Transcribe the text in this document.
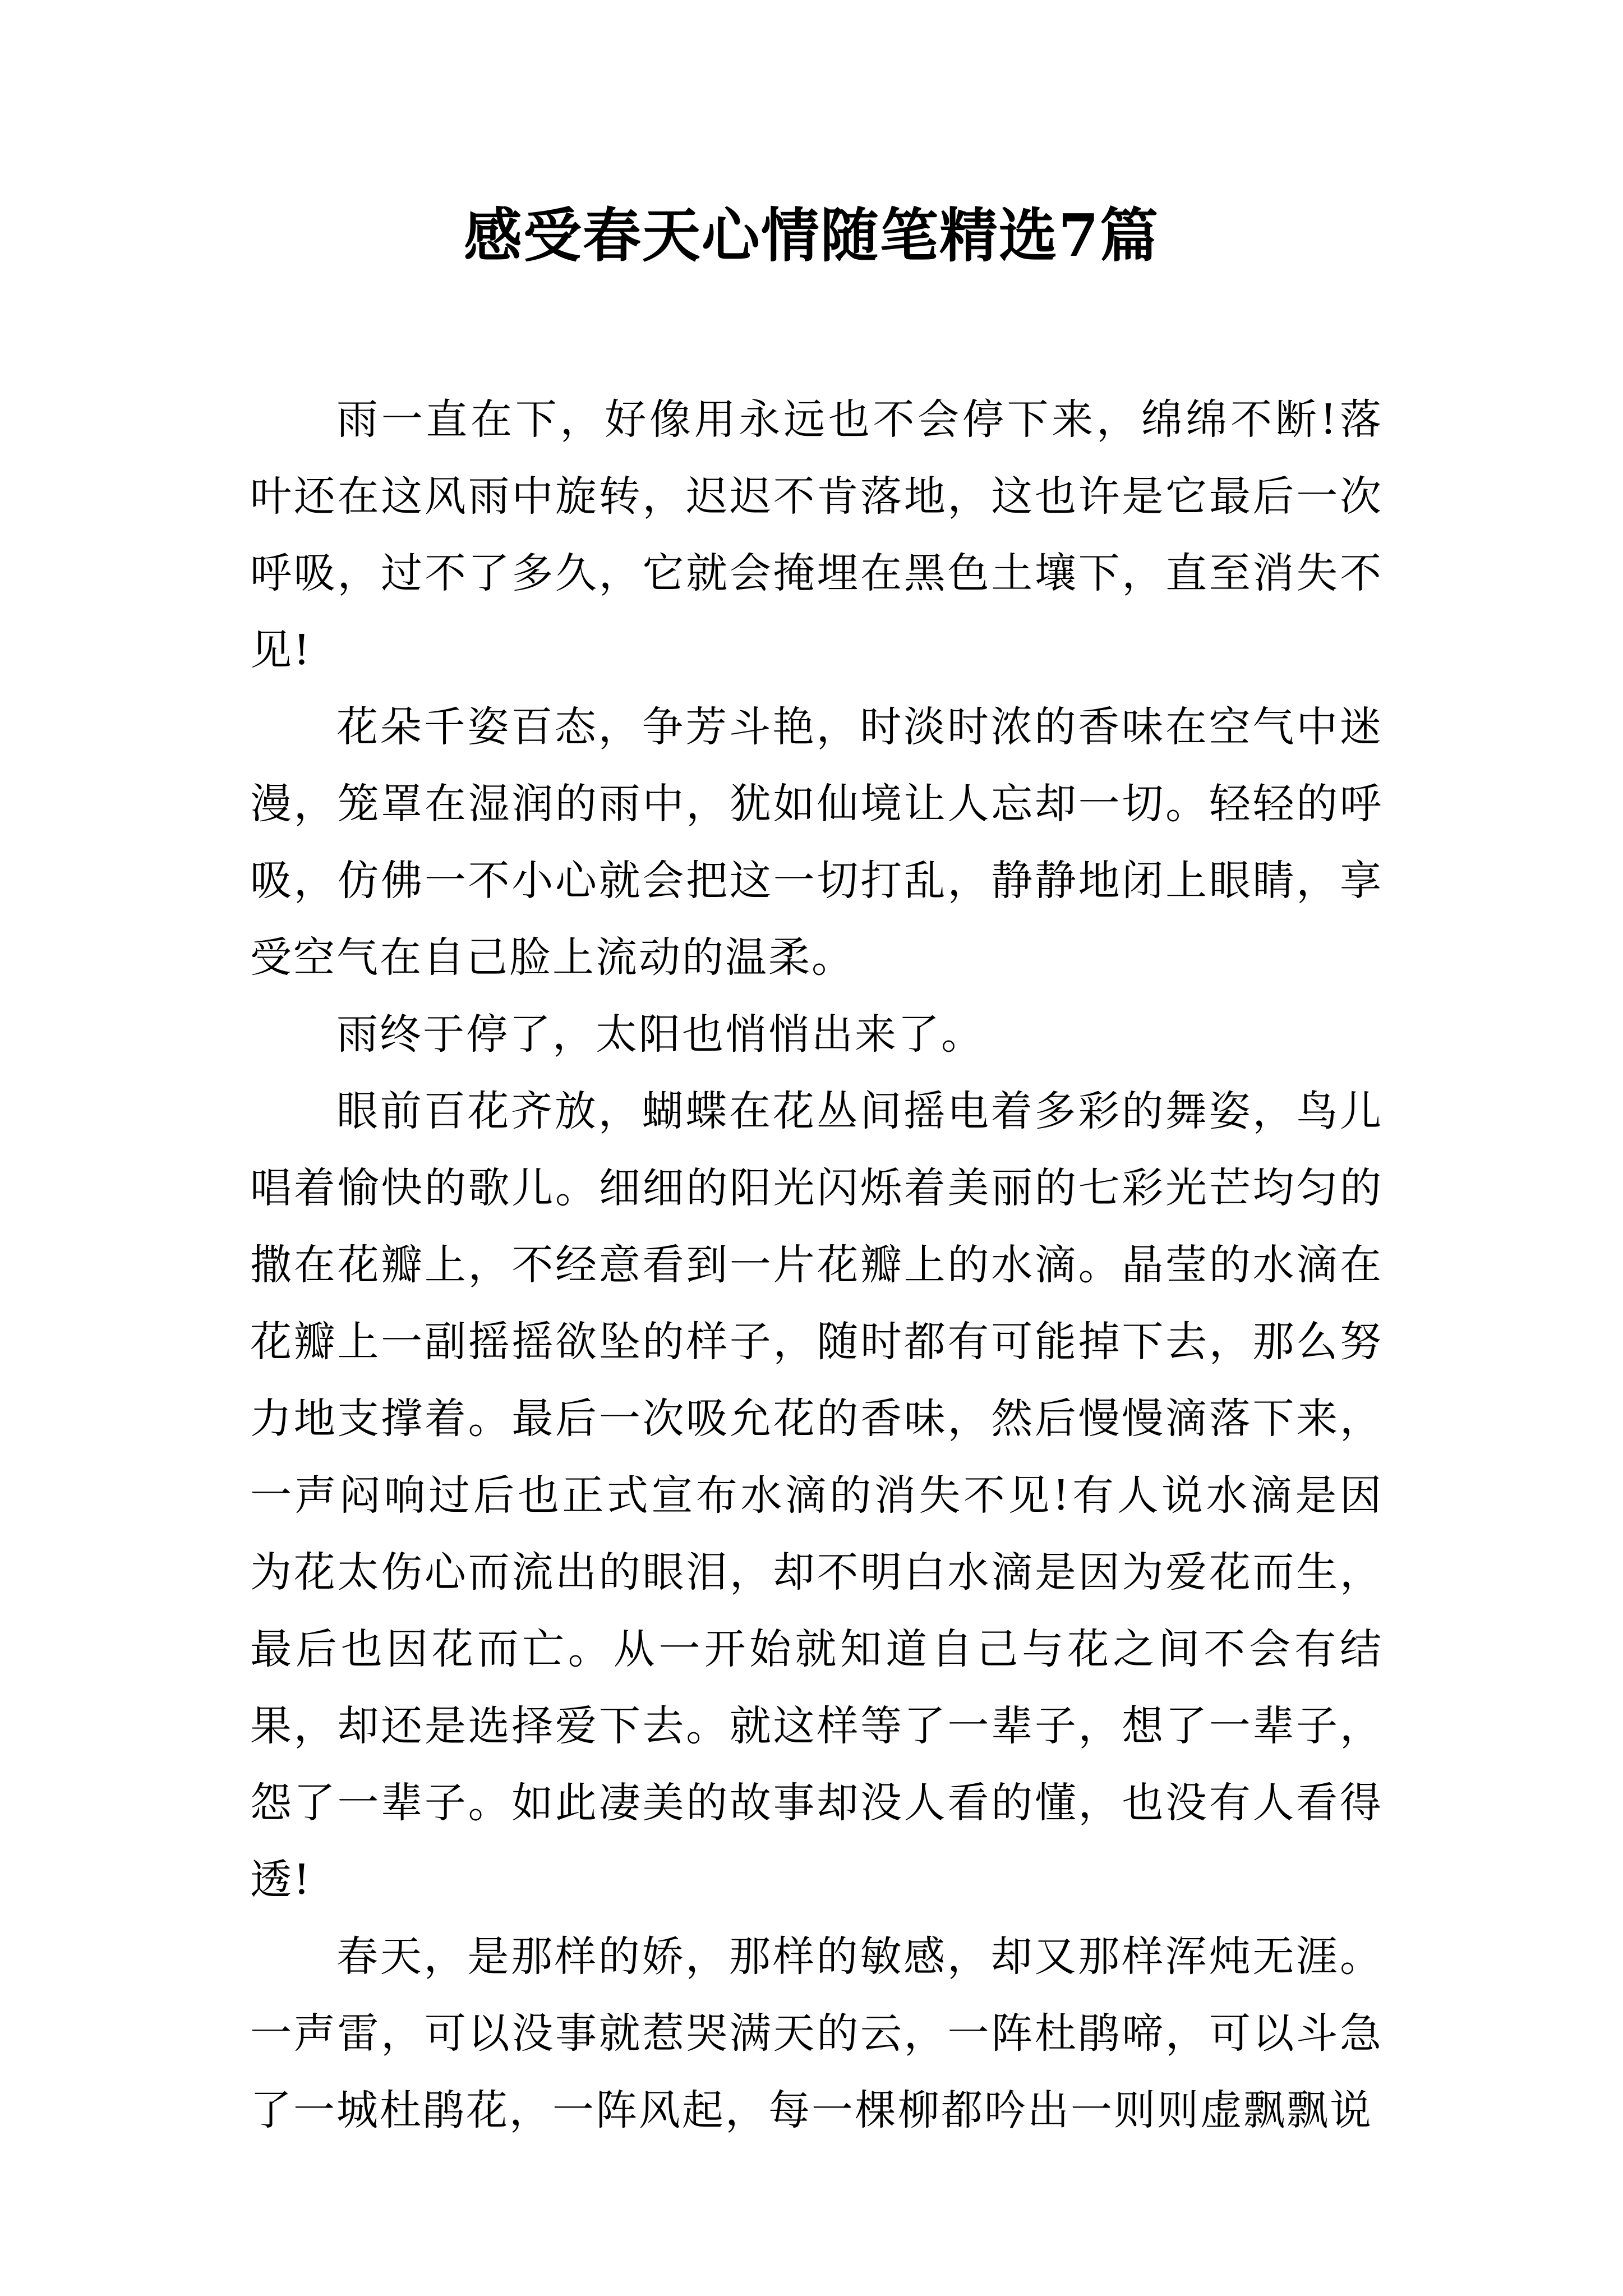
感受春天心情随笔精选7篇

雨一直在下，好像用永远也不会停下来，绵绵不断!落叶还在这风雨中旋转，迟迟不肯落地，这也许是它最后一次呼吸，过不了多久，它就会掩埋在黑色土壤下，直至消失不见!

花朵千姿百态，争芳斗艳，时淡时浓的香味在空气中迷漫，笼罩在湿润的雨中，犹如仙境让人忘却一切。轻轻的呼吸，仿佛一不小心就会把这一切打乱，静静地闭上眼睛，享受空气在自己脸上流动的温柔。

雨终于停了，太阳也悄悄出来了。

眼前百花齐放，蝴蝶在花丛间摇电着多彩的舞姿，鸟儿唱着愉快的歌儿。细细的阳光闪烁着美丽的七彩光芒均匀的撒在花瓣上，不经意看到一片花瓣上的水滴。晶莹的水滴在花瓣上一副摇摇欲坠的样子，随时都有可能掉下去，那么努力地支撑着。最后一次吸允花的香味，然后慢慢滴落下来，一声闷响过后也正式宣布水滴的消失不见!有人说水滴是因为花太伤心而流出的眼泪，却不明白水滴是因为爱花而生，最后也因花而亡。从一开始就知道自己与花之间不会有结果，却还是选择爱下去。就这样等了一辈子，想了一辈子，怨了一辈子。如此凄美的故事却没人看的懂，也没有人看得透!

春天，是那样的娇，那样的敏感，却又那样浑炖无涯。一声雷，可以没事就惹哭满天的云，一阵杜鹃啼，可以斗急了一城杜鹃花，一阵风起，每一棵柳都吟出一则则虚飘飘说
